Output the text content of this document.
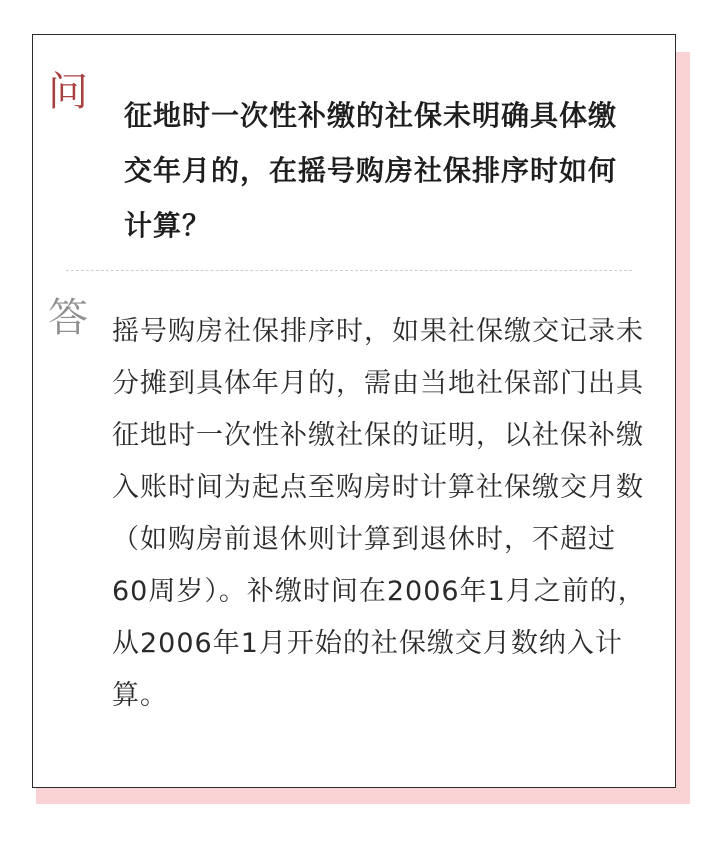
问
征地时一次性补缴的社保未明确具体缴交年月的，在摇号购房社保排序时如何计算？
答 摇号购房社保排序时，如果社保缴交记录未分摊到具体年月的，需由当地社保部门出具征地时一次性补缴社保的证明，以社保补缴入账时间为起点至购房时计算社保缴交月数（如购房前退休则计算到退休时，不超过60周岁）。补缴时间在2006年1月之前的，从2006年1月开始的社保缴交月数纳入计算。
